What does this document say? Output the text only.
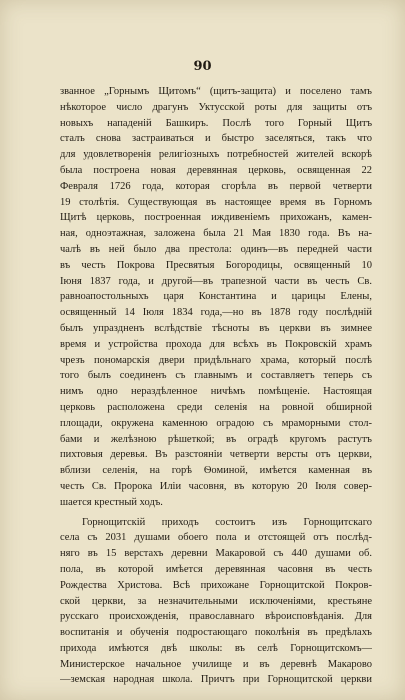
90
званное „Горнымъ Щитомъ“ (щитъ-защита) и поселено тамъ
нѣкоторое число драгунъ Уктусской роты для защиты отъ
новыхъ нападеній Башкиръ. Послѣ того Горный Щитъ
сталъ снова застраиваться и быстро заселяться, такъ что
для удовлетворенія религіозныхъ потребностей жителей вскорѣ
была построена новая деревянная церковь, освященная 22
Февраля 1726 года, которая сгорѣла въ первой четверти
19 столѣтія. Существующая въ настоящее время въ Горномъ
Щитѣ церковь, построенная иждивеніемъ прихожанъ, камен-
ная, одноэтажная, заложена была 21 Мая 1830 года. Въ на-
чалѣ въ ней было два престола: одинъ—въ передней части
въ честь Покрова Пресвятыя Богородицы, освященный 10
Іюня 1837 года, и другой—въ трапезной части въ честь Св.
равноапостольныхъ царя Константина и царицы Елены,
освященный 14 Іюля 1834 года,—но въ 1878 году послѣдній
былъ упраздненъ вслѣдствіе тѣсноты въ церкви въ зимнее
время и устройства прохода для всѣхъ въ Покровскій храмъ
чрезъ пономарскія двери придѣльнаго храма, который послѣ
того былъ соединенъ съ главнымъ и составляетъ теперь съ
нимъ одно нераздѣленное ничѣмъ помѣщеніе. Настоящая
церковь расположена среди селенія на ровной обширной
площади, окружена каменною оградою съ мраморными стол-
бами и желѣзною рѣшеткой; въ оградѣ кругомъ растутъ
пихтовыя деревья. Въ разстояніи четверти версты отъ церкви,
вблизи селенія, на горѣ Ѳоминой, имѣется каменная въ
честь Св. Пророка Иліи часовня, въ которую 20 Іюля совер-
шается крестный ходъ.
Горнощитскій приходъ состоитъ изъ Горнощитскаго
села съ 2031 душами обоего пола и отстоящей отъ послѣд-
няго въ 15 верстахъ деревни Макаровой съ 440 душами об.
пола, въ которой имѣется деревянная часовня въ честь
Рождества Христова. Всѣ прихожане Горнощитской Покров-
ской церкви, за незначительными исключеніями, крестьяне
русскаго происхожденія, православнаго вѣроисповѣданія. Для
воспитанія и обученія подростающаго поколѣнія въ предѣлахъ
прихода имѣются двѣ школы: въ селѣ Горнощитскомъ—
Министерское начальное училище и въ деревнѣ Макарово
—земская народная школа. Причтъ при Горнощитской церкви
